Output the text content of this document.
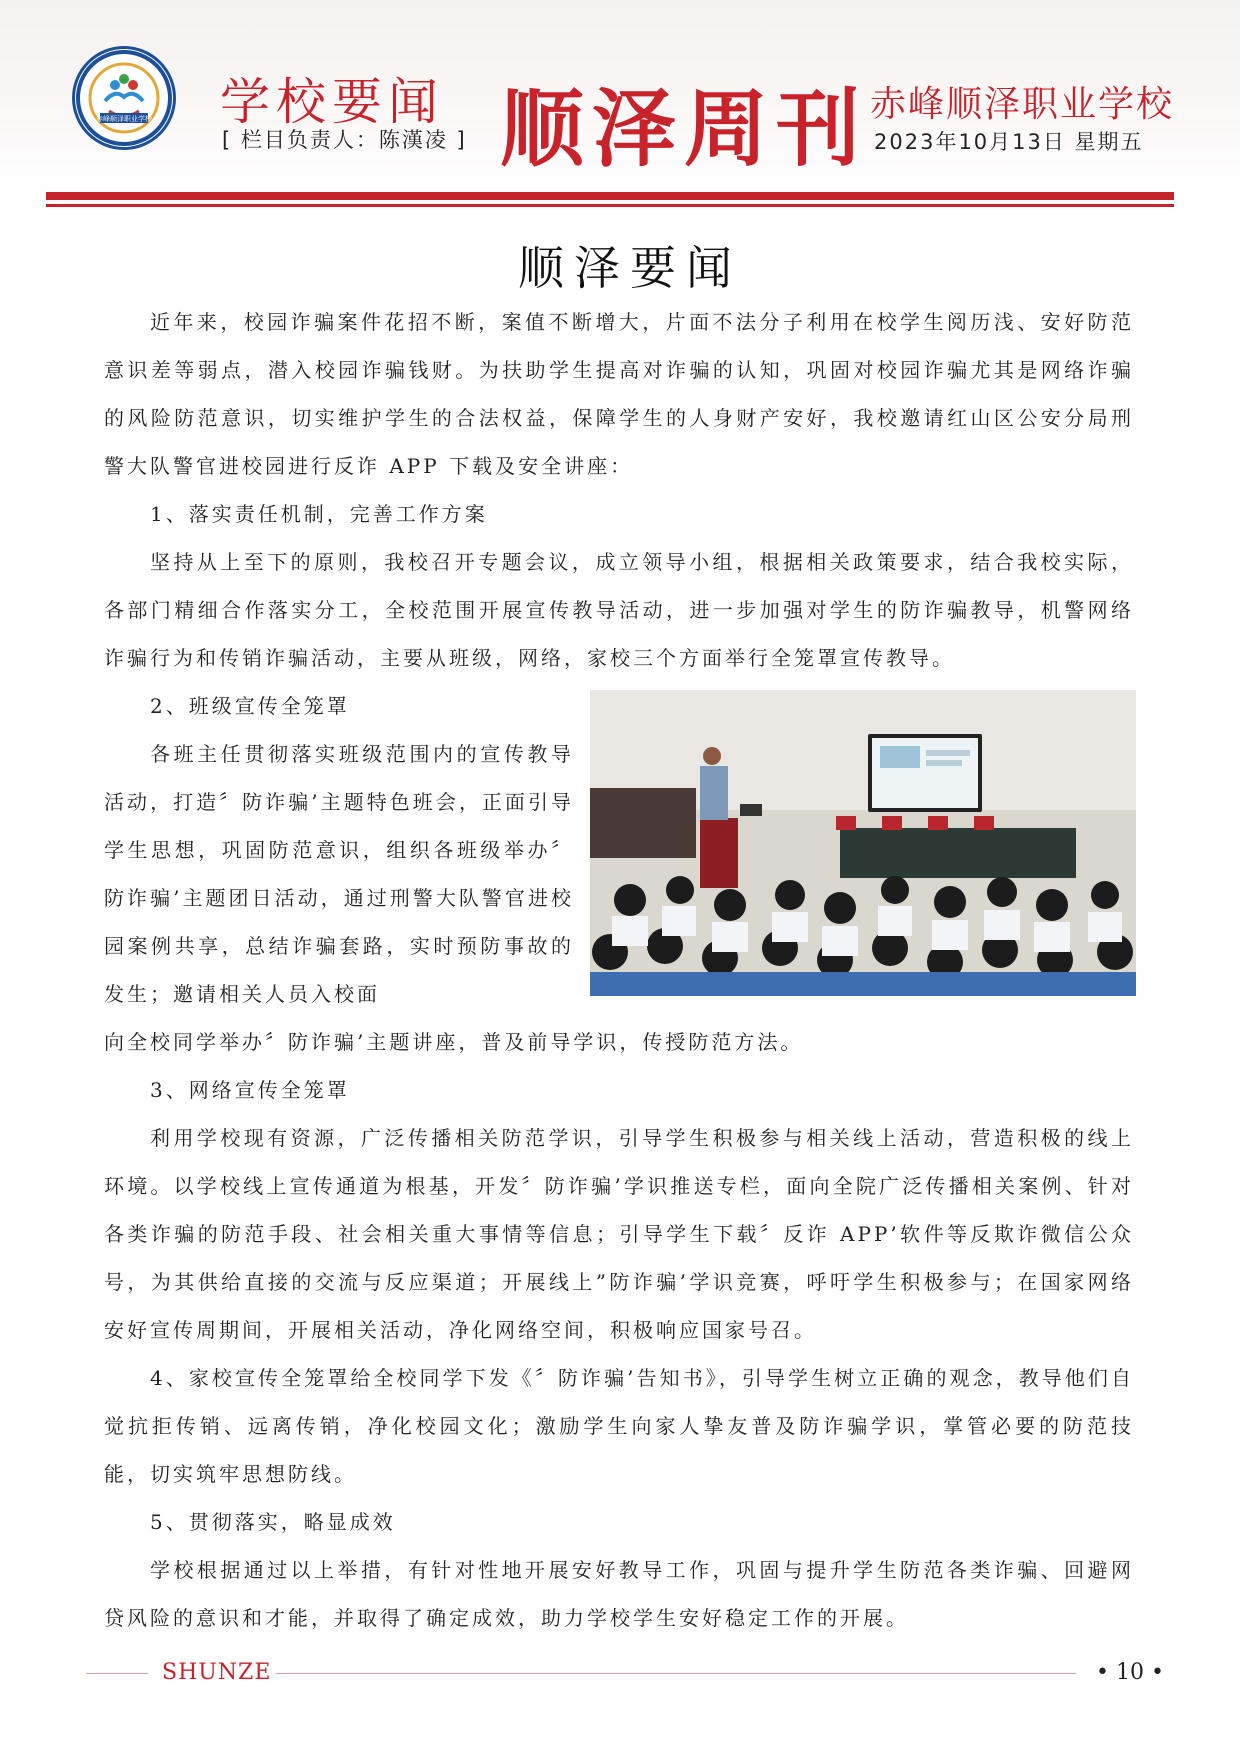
赤峰顺泽职业学校 学校要闻
[ 栏目负责人：陈漢凌 ] 顺泽周刊 赤峰顺泽职业学校
2023年10月13日 星期五
顺泽要闻

近年来，校园诈骗案件花招不断，案值不断增大，片面不法分子利用在校学生阅历浅、安好防范意识差等弱点，潜入校园诈骗钱财。为扶助学生提高对诈骗的认知，巩固对校园诈骗尤其是网络诈骗的风险防范意识，切实维护学生的合法权益，保障学生的人身财产安好，我校邀请红山区公安分局刑警大队警官进校园进行反诈 APP 下载及安全讲座：

1、落实责任机制，完善工作方案

坚持从上至下的原则，我校召开专题会议，成立领导小组，根据相关政策要求，结合我校实际，各部门精细合作落实分工，全校范围开展宣传教导活动，进一步加强对学生的防诈骗教导，机警网络诈骗行为和传销诈骗活动，主要从班级，网络，家校三个方面举行全笼罩宣传教导。

2、班级宣传全笼罩

各班主任贯彻落实班级范围内的宣传教导活动，打造〞防诈骗’主题特色班会，正面引导学生思想，巩固防范意识，组织各班级举办〞防诈骗’主题团日活动，通过刑警大队警官进校园案例共享，总结诈骗套路，实时预防事故的发生；邀请相关人员入校面

向全校同学举办〞防诈骗’主题讲座，普及前导学识，传授防范方法。

3、网络宣传全笼罩

利用学校现有资源，广泛传播相关防范学识，引导学生积极参与相关线上活动，营造积极的线上环境。以学校线上宣传通道为根基，开发〞防诈骗’学识推送专栏，面向全院广泛传播相关案例、针对各类诈骗的防范手段、社会相关重大事情等信息；引导学生下载〞反诈 APP’软件等反欺诈微信公众号，为其供给直接的交流与反应渠道；开展线上”防诈骗’学识竞赛，呼吁学生积极参与；在国家网络安好宣传周期间，开展相关活动，净化网络空间，积极响应国家号召。

4、家校宣传全笼罩给全校同学下发《〞防诈骗’告知书》，引导学生树立正确的观念，教导他们自觉抗拒传销、远离传销，净化校园文化；激励学生向家人挚友普及防诈骗学识，掌管必要的防范技能，切实筑牢思想防线。

5、贯彻落实，略显成效

学校根据通过以上举措，有针对性地开展安好教导工作，巩固与提升学生防范各类诈骗、回避网贷风险的意识和才能，并取得了确定成效，助力学校学生安好稳定工作的开展。

SHUNZE	• 10 •
